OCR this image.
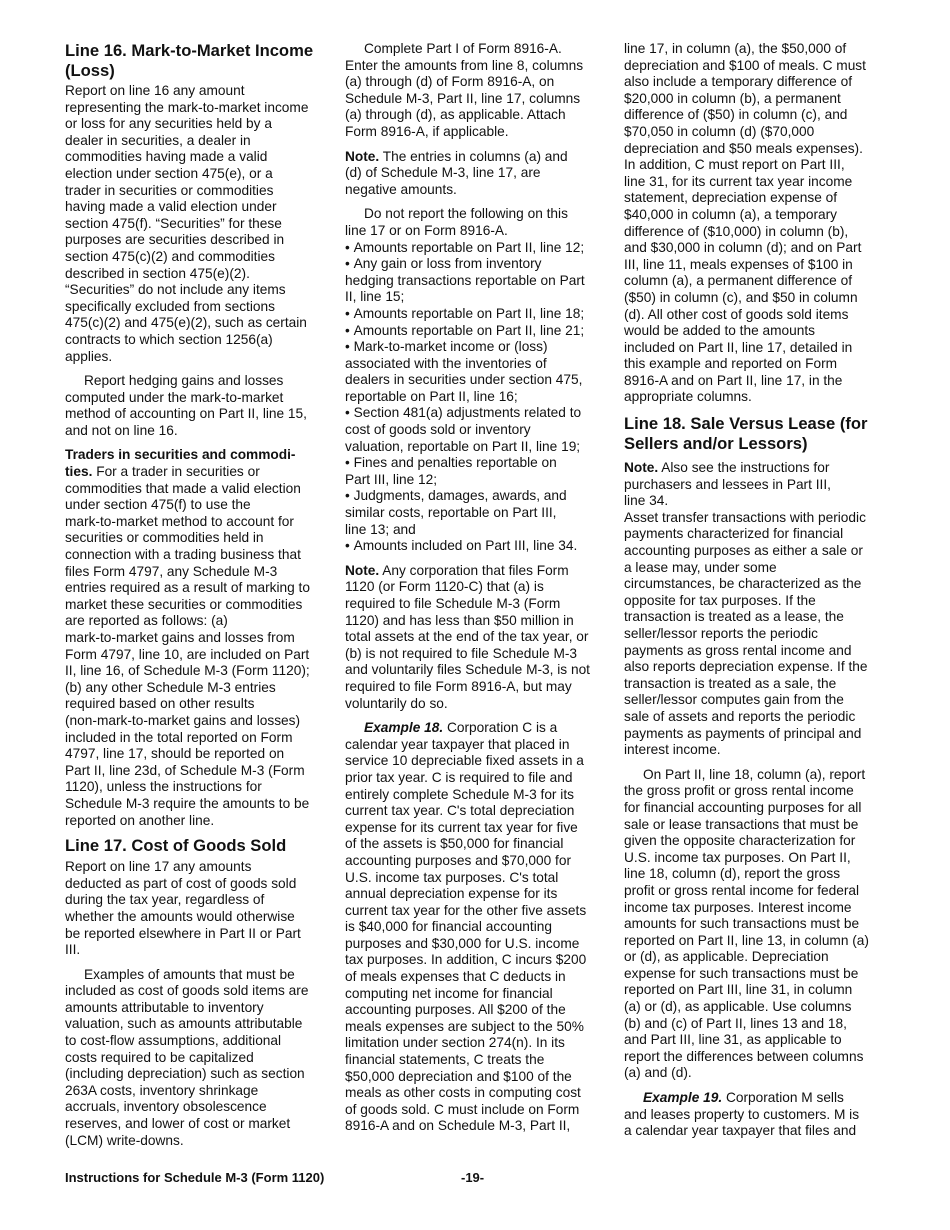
Line 16. Mark-to-Market Income
(Loss)
Report on line 16 any amount
representing the mark-to-market income
or loss for any securities held by a
dealer in securities, a dealer in
commodities having made a valid
election under section 475(e), or a
trader in securities or commodities
having made a valid election under
section 475(f). “Securities” for these
purposes are securities described in
section 475(c)(2) and commodities
described in section 475(e)(2).
“Securities” do not include any items
specifically excluded from sections
475(c)(2) and 475(e)(2), such as certain
contracts to which section 1256(a)
applies.
Report hedging gains and losses
computed under the mark-to-market
method of accounting on Part II, line 15,
and not on line 16.
Traders in securities and commodi-
ties. For a trader in securities or
commodities that made a valid election
under section 475(f) to use the
mark-to-market method to account for
securities or commodities held in
connection with a trading business that
files Form 4797, any Schedule M-3
entries required as a result of marking to
market these securities or commodities
are reported as follows: (a)
mark-to-market gains and losses from
Form 4797, line 10, are included on Part
II, line 16, of Schedule M-3 (Form 1120);
(b) any other Schedule M-3 entries
required based on other results
(non-mark-to-market gains and losses)
included in the total reported on Form
4797, line 17, should be reported on
Part II, line 23d, of Schedule M-3 (Form
1120), unless the instructions for
Schedule M-3 require the amounts to be
reported on another line.
Line 17. Cost of Goods Sold
Report on line 17 any amounts
deducted as part of cost of goods sold
during the tax year, regardless of
whether the amounts would otherwise
be reported elsewhere in Part II or Part
III.
Examples of amounts that must be
included as cost of goods sold items are
amounts attributable to inventory
valuation, such as amounts attributable
to cost-flow assumptions, additional
costs required to be capitalized
(including depreciation) such as section
263A costs, inventory shrinkage
accruals, inventory obsolescence
reserves, and lower of cost or market
(LCM) write-downs.
Complete Part I of Form 8916-A.
Enter the amounts from line 8, columns
(a) through (d) of Form 8916-A, on
Schedule M-3, Part II, line 17, columns
(a) through (d), as applicable. Attach
Form 8916-A, if applicable.
Note. The entries in columns (a) and
(d) of Schedule M-3, line 17, are
negative amounts.
Do not report the following on this
line 17 or on Form 8916-A.
• Amounts reportable on Part II, line 12;
• Any gain or loss from inventory
hedging transactions reportable on Part
II, line 15;
• Amounts reportable on Part II, line 18;
• Amounts reportable on Part II, line 21;
• Mark-to-market income or (loss)
associated with the inventories of
dealers in securities under section 475,
reportable on Part II, line 16;
• Section 481(a) adjustments related to
cost of goods sold or inventory
valuation, reportable on Part II, line 19;
• Fines and penalties reportable on
Part III, line 12;
• Judgments, damages, awards, and
similar costs, reportable on Part III,
line 13; and
• Amounts included on Part III, line 34.
Note. Any corporation that files Form
1120 (or Form 1120-C) that (a) is
required to file Schedule M-3 (Form
1120) and has less than $50 million in
total assets at the end of the tax year, or
(b) is not required to file Schedule M-3
and voluntarily files Schedule M-3, is not
required to file Form 8916-A, but may
voluntarily do so.
Example 18. Corporation C is a
calendar year taxpayer that placed in
service 10 depreciable fixed assets in a
prior tax year. C is required to file and
entirely complete Schedule M-3 for its
current tax year. C's total depreciation
expense for its current tax year for five
of the assets is $50,000 for financial
accounting purposes and $70,000 for
U.S. income tax purposes. C's total
annual depreciation expense for its
current tax year for the other five assets
is $40,000 for financial accounting
purposes and $30,000 for U.S. income
tax purposes. In addition, C incurs $200
of meals expenses that C deducts in
computing net income for financial
accounting purposes. All $200 of the
meals expenses are subject to the 50%
limitation under section 274(n). In its
financial statements, C treats the
$50,000 depreciation and $100 of the
meals as other costs in computing cost
of goods sold. C must include on Form
8916-A and on Schedule M-3, Part II,
line 17, in column (a), the $50,000 of
depreciation and $100 of meals. C must
also include a temporary difference of
$20,000 in column (b), a permanent
difference of ($50) in column (c), and
$70,050 in column (d) ($70,000
depreciation and $50 meals expenses).
In addition, C must report on Part III,
line 31, for its current tax year income
statement, depreciation expense of
$40,000 in column (a), a temporary
difference of ($10,000) in column (b),
and $30,000 in column (d); and on Part
III, line 11, meals expenses of $100 in
column (a), a permanent difference of
($50) in column (c), and $50 in column
(d). All other cost of goods sold items
would be added to the amounts
included on Part II, line 17, detailed in
this example and reported on Form
8916-A and on Part II, line 17, in the
appropriate columns.
Line 18. Sale Versus Lease (for
Sellers and/or Lessors)
Note. Also see the instructions for
purchasers and lessees in Part III,
line 34.
Asset transfer transactions with periodic
payments characterized for financial
accounting purposes as either a sale or
a lease may, under some
circumstances, be characterized as the
opposite for tax purposes. If the
transaction is treated as a lease, the
seller/lessor reports the periodic
payments as gross rental income and
also reports depreciation expense. If the
transaction is treated as a sale, the
seller/lessor computes gain from the
sale of assets and reports the periodic
payments as payments of principal and
interest income.
On Part II, line 18, column (a), report
the gross profit or gross rental income
for financial accounting purposes for all
sale or lease transactions that must be
given the opposite characterization for
U.S. income tax purposes. On Part II,
line 18, column (d), report the gross
profit or gross rental income for federal
income tax purposes. Interest income
amounts for such transactions must be
reported on Part II, line 13, in column (a)
or (d), as applicable. Depreciation
expense for such transactions must be
reported on Part III, line 31, in column
(a) or (d), as applicable. Use columns
(b) and (c) of Part II, lines 13 and 18,
and Part III, line 31, as applicable to
report the differences between columns
(a) and (d).
Example 19. Corporation M sells
and leases property to customers. M is
a calendar year taxpayer that files and
Instructions for Schedule M-3 (Form 1120)	-19-
